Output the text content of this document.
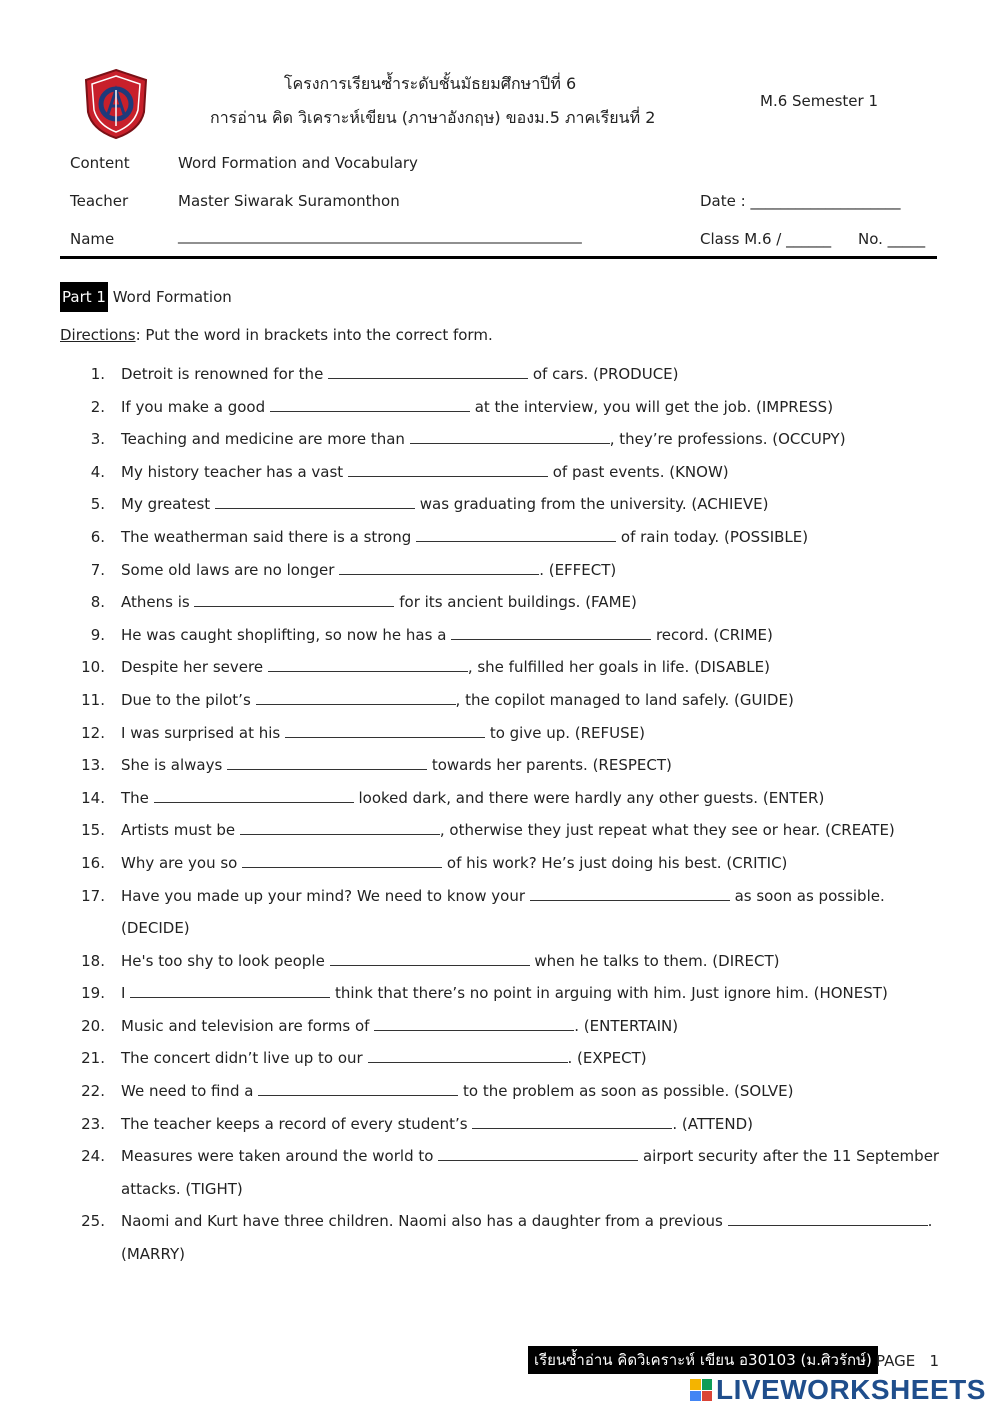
โครงการเรียนซ้ำระดับชั้นมัธยมศึกษาปีที่ 6
การอ่าน คิด วิเคราะห์เขียน (ภาษาอังกฤษ) ของม.5 ภาคเรียนที่ 2
M.6 Semester 1
Content	Word Formation and Vocabulary
Teacher	Master Siwarak Suramonthon	Date : ____________________
Name	_______________________________________________________________	Class M.6 / ______ No. _____
Part 1 Word Formation
Directions: Put the word in brackets into the correct form.
1. Detroit is renowned for the	of cars. (PRODUCE)
2. If you make a good	at the interview, you will get the job. (IMPRESS)
3. Teaching and medicine are more than	, they’re professions. (OCCUPY)
4. My history teacher has a vast	of past events. (KNOW)
5. My greatest	was graduating from the university. (ACHIEVE)
6. The weatherman said there is a strong	of rain today. (POSSIBLE)
7. Some old laws are no longer	. (EFFECT)
8. Athens is	for its ancient buildings. (FAME)
9. He was caught shoplifting, so now he has a	record. (CRIME)
10. Despite her severe	, she fulfilled her goals in life. (DISABLE)
11. Due to the pilot’s	, the copilot managed to land safely. (GUIDE)
12. I was surprised at his	to give up. (REFUSE)
13. She is always	towards her parents. (RESPECT)
14. The	looked dark, and there were hardly any other guests. (ENTER)
15. Artists must be	, otherwise they just repeat what they see or hear. (CREATE)
16. Why are you so	of his work? He’s just doing his best. (CRITIC)
17. Have you made up your mind? We need to know your	as soon as possible. (DECIDE)
18. He's too shy to look people	when he talks to them. (DIRECT)
19. I	think that there’s no point in arguing with him. Just ignore him. (HONEST)
20. Music and television are forms of	. (ENTERTAIN)
21. The concert didn’t live up to our	. (EXPECT)
22. We need to find a	to the problem as soon as possible. (SOLVE)
23. The teacher keeps a record of every student’s	. (ATTEND)
24. Measures were taken around the world to	airport security after the 11 September attacks. (TIGHT)
25. Naomi and Kurt have three children. Naomi also has a daughter from a previous	. (MARRY)
เรียนซ้ำอ่าน คิดวิเคราะห์ เขียน อ30103 (ม.ศิวรักษ์) PAGE 1
LIVEWORKSHEETS
